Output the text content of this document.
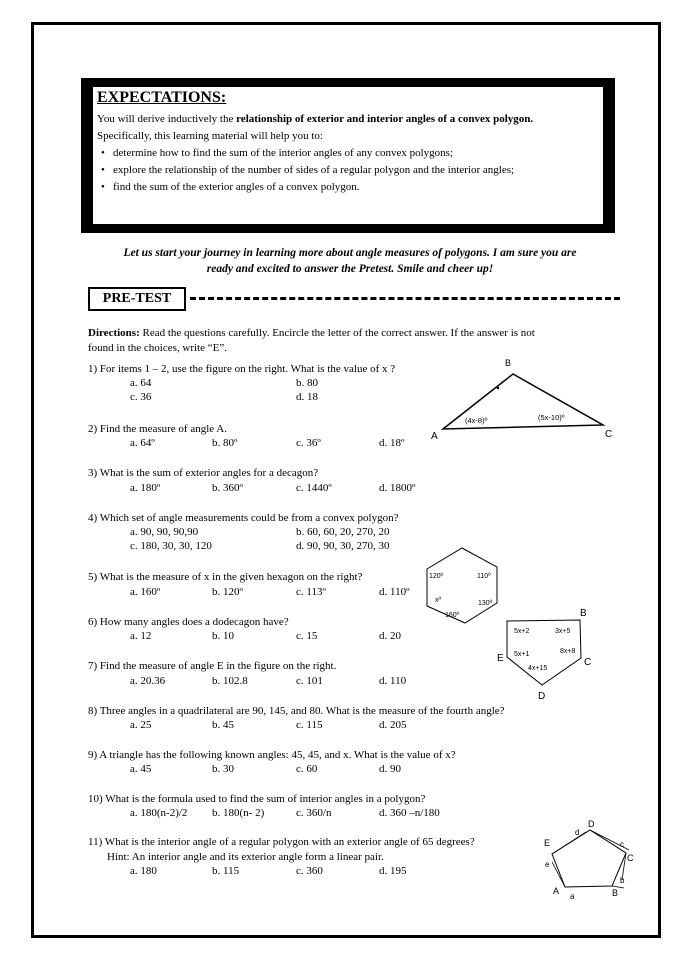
EXPECTATIONS:
You will derive inductively the relationship of exterior and interior angles of a convex polygon.
Specifically, this learning material will help you to:
• determine how to find the sum of the interior angles of any convex polygons;
• explore the relationship of the number of sides of a regular polygon and the interior angles;
• find the sum of the exterior angles of a convex polygon.
Let us start your journey in learning more about angle measures of polygons. I am sure you are
ready and excited to answer the Pretest. Smile and cheer up!
PRE-TEST
Directions: Read the questions carefully. Encircle the letter of the correct answer. If the answer is not
found in the choices, write “E”.
1) For items 1 – 2, use the figure on the right. What is the value of x ?
a. 64	b. 80
c. 36	d. 18
2) Find the measure of angle A.
a. 64º	b. 80º	c. 36º	d. 18º
3) What is the sum of exterior angles for a decagon?
a. 180º	b. 360º	c. 1440º	d. 1800º
4) Which set of angle measurements could be from a convex polygon?
a. 90, 90, 90,90	b. 60, 60, 20, 270, 20
c. 180, 30, 30, 120	d. 90, 90, 30, 270, 30
5) What is the measure of x in the given hexagon on the right?
a. 160º	b. 120º	c. 113º	d. 110º
6) How many angles does a dodecagon have?
a. 12	b. 10	c. 15	d. 20
7) Find the measure of angle E in the figure on the right.
a. 20.36	b. 102.8	c. 101	d. 110
8) Three angles in a quadrilateral are 90, 145, and 80. What is the measure of the fourth angle?
a. 25	b. 45	c. 115	d. 205
9) A triangle has the following known angles: 45, 45, and x. What is the value of x?
a. 45	b. 30	c. 60	d. 90
10) What is the formula used to find the sum of interior angles in a polygon?
a. 180(n-2)/2 b. 180(n- 2)	c. 360/n	d. 360 –n/180
11) What is the interior angle of a regular polygon with an exterior angle of 65 degrees?
Hint: An interior angle and its exterior angle form a linear pair.
a. 180	b. 115	c. 360	d. 195
B
A	C
(4x-8)º	(5x-10)º
120º	110º
xº	130º
160º	B
C
D
E
5x+2	3x+5
5x+1	8x+8
4x+15
E
D
C
B
A
a
b
c
d
e
